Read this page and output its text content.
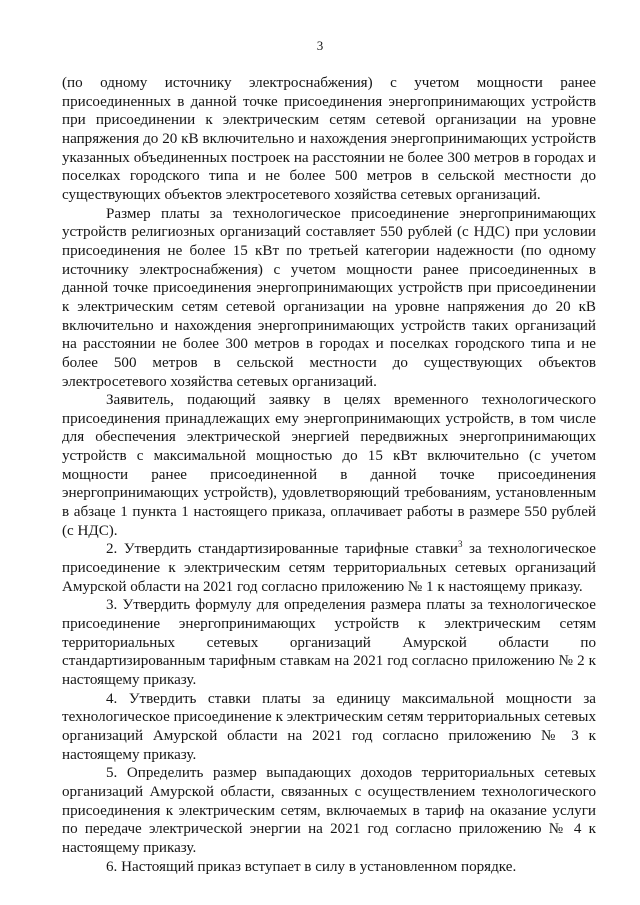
3

(по одному источнику электроснабжения) с учетом мощности ранее присоединенных в данной точке присоединения энергопринимающих устройств при присоединении к электрическим сетям сетевой организации на уровне напряжения до 20 кВ включительно и нахождения энергопринимающих устройств указанных объединенных построек на расстоянии не более 300 метров в городах и поселках городского типа и не более 500 метров в сельской местности до существующих объектов электросетевого хозяйства сетевых организаций.

Размер платы за технологическое присоединение энергопринимающих устройств религиозных организаций составляет 550 рублей (с НДС) при условии присоединения не более 15 кВт по третьей категории надежности (по одному источнику электроснабжения) с учетом мощности ранее присоединенных в данной точке присоединения энергопринимающих устройств при присоединении к электрическим сетям сетевой организации на уровне напряжения до 20 кВ включительно и нахождения энергопринимающих устройств таких организаций на расстоянии не более 300 метров в городах и поселках городского типа и не более 500 метров в сельской местности до существующих объектов электросетевого хозяйства сетевых организаций.

Заявитель, подающий заявку в целях временного технологического присоединения принадлежащих ему энергопринимающих устройств, в том числе для обеспечения электрической энергией передвижных энергопринимающих устройств с максимальной мощностью до 15 кВт включительно (с учетом мощности ранее присоединенной в данной точке присоединения энергопринимающих устройств), удовлетворяющий требованиям, установленным в абзаце 1 пункта 1 настоящего приказа, оплачивает работы в размере 550 рублей (с НДС).

2. Утвердить стандартизированные тарифные ставки$^3$ за технологическое присоединение к электрическим сетям территориальных сетевых организаций Амурской области на 2021 год согласно приложению № 1 к настоящему приказу.

3. Утвердить формулу для определения размера платы за технологическое присоединение энергопринимающих устройств к электрическим сетям территориальных сетевых организаций Амурской области по стандартизированным тарифным ставкам на 2021 год согласно приложению № 2 к настоящему приказу.

4. Утвердить ставки платы за единицу максимальной мощности за технологическое присоединение к электрическим сетям территориальных сетевых организаций Амурской области на 2021 год согласно приложению № 3 к настоящему приказу.

5. Определить размер выпадающих доходов территориальных сетевых организаций Амурской области, связанных с осуществлением технологического присоединения к электрическим сетям, включаемых в тариф на оказание услуги по передаче электрической энергии на 2021 год согласно приложению № 4 к настоящему приказу.

6. Настоящий приказ вступает в силу в установленном порядке.
